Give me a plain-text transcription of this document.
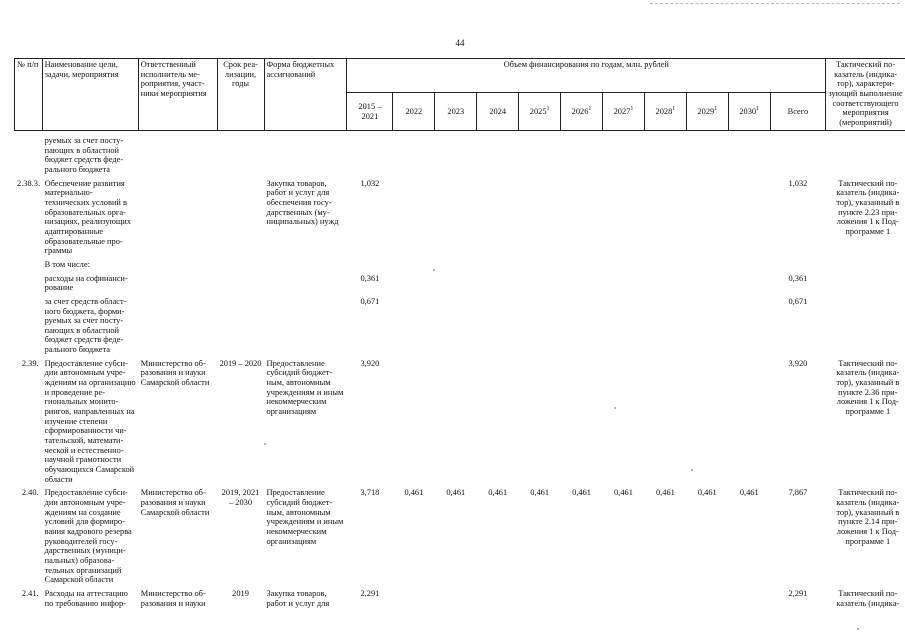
44
№ п/п	Наименование цели, задачи, мероприятия	Ответственный исполнитель мероприятия, участники мероприятия	Срок реализации, годы	Форма бюджетных ассигнований	Объем финансирования по годам, млн. рублей											Тактический показатель (индикатор), характеризующий выполнение соответствующего мероприятия (мероприятий)
					2015 – 2021	2022	2023	2024	2025$^1$	2026$^1$	2027$^1$	2028$^1$	2029$^1$	2030$^1$	Всего	

	руемых за счет поступающих в областной бюджет средств федерального бюджета															
2.38.3.	Обеспечение развития материально-технических условий в образовательных организациях, реализующих адаптированные образовательные программы			Закупка товаров, работ и услуг для обеспечения государственных (муниципальных) нужд	1,032										1,032	Тактический показатель (индикатор), указанный в пункте 2.23 приложения 1 к Подпрограмме 1
	В том числе:															
	расходы на софинансирование				0,361										0,361	
	за счет средств областного бюджета, формируемых за счет поступающих в областной бюджет средств федерального бюджета				0,671										0,671	
2.39.	Предоставление субсидии автономным учреждениям на организацию и проведение региональных мониторингов, направленных на изучение степени сформированности читательской, математической и естественнонаучной грамотности обучающихся Самарской области	Министерство образования и науки Самарской области	2019 – 2020	Предоставление субсидий бюджетным, автономным учреждениям и иным некоммерческим организациям	3,920										3,920	Тактический показатель (индикатор), указанный в пункте 2.36 приложения 1 к Подпрограмме 1
2.40.	Предоставление субсидии автономным учреждениям на создание условий для формирования кадрового резерва руководителей государственных (муниципальных) образовательных организаций Самарской области	Министерство образования и науки Самарской области	2019, 2021 – 2030	Предоставление субсидий бюджетным, автономным учреждениям и иным некоммерческим организациям	3,718	0,461	0,461	0,461	0,461	0,461	0,461	0,461	0,461	0,461	7,867	Тактический показатель (индикатор), указанный в пункте 2.14 приложения 1 к Подпрограмме 1
2.41.	Расходы на аттестацию по требованию инфор-	Министерство образования и науки	2019	Закупка товаров, работ и услуг для	2,291										2,291	Тактический показатель (индика-
